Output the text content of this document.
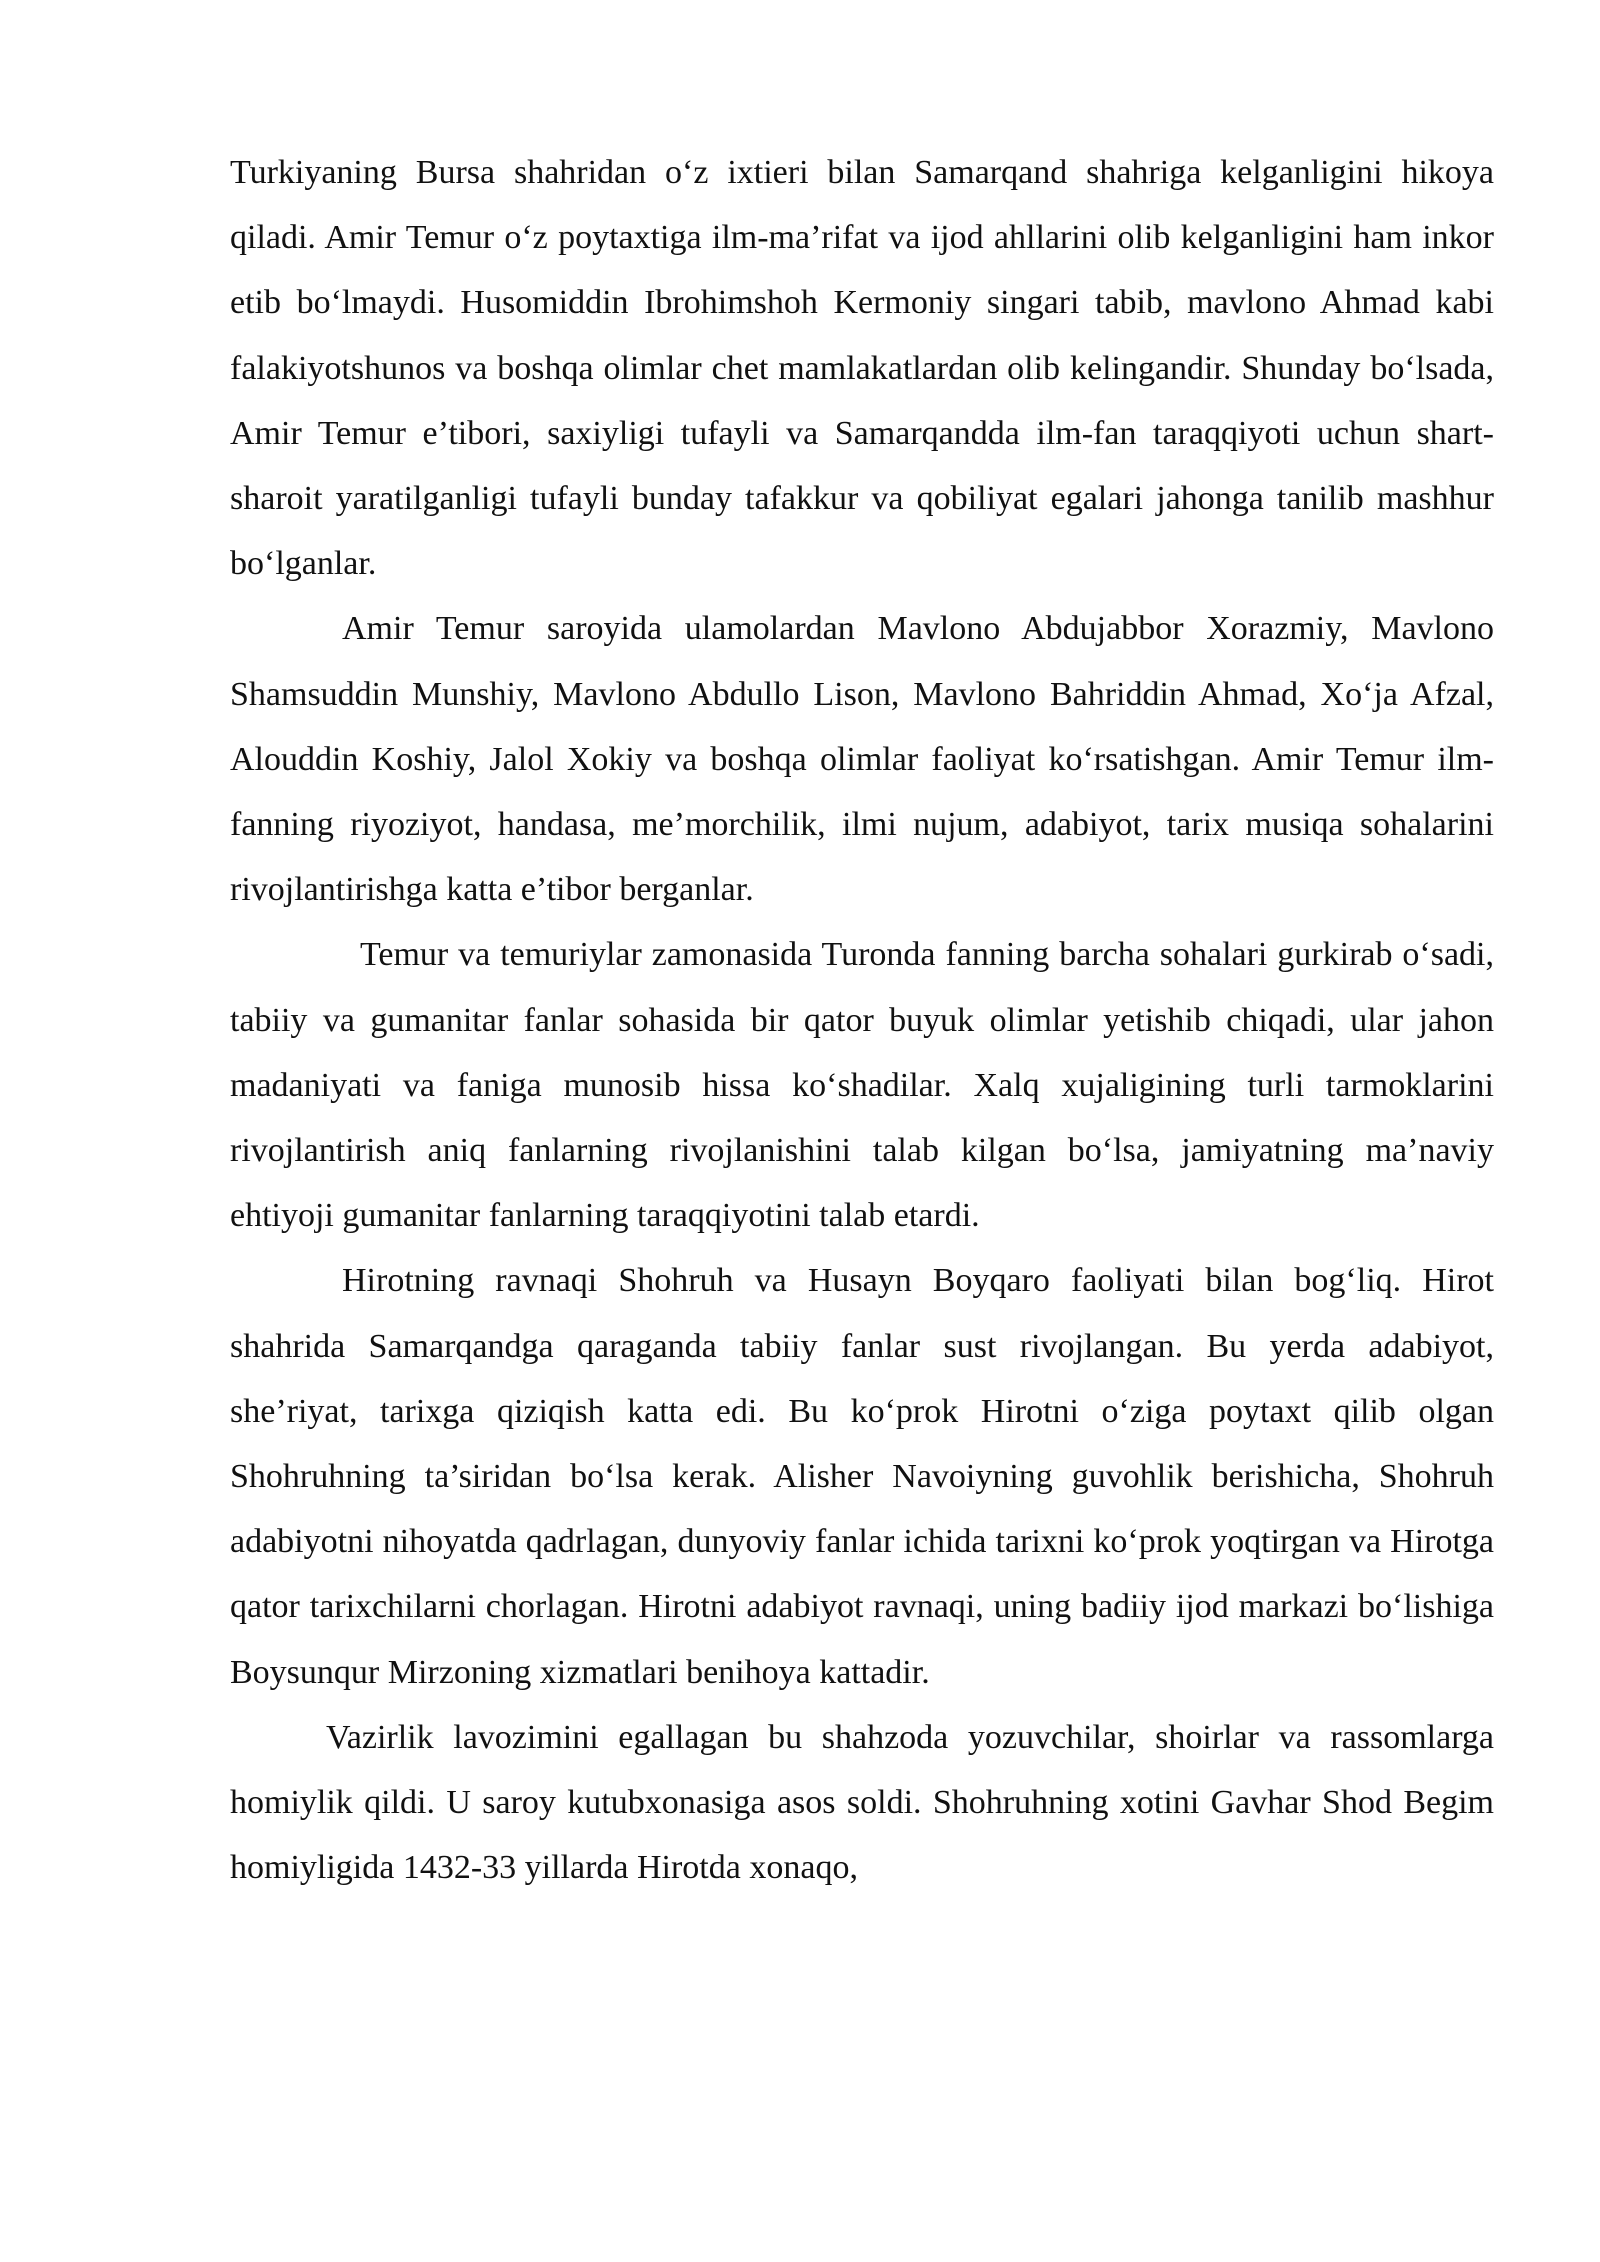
Turkiyaning Bursa shahridan o‘z ixtieri bilan Samarqand shahriga kelganligini hikoya qiladi. Amir Temur o‘z poytaxtiga ilm-ma’rifat va ijod ahllarini olib kelganligini ham inkor etib bo‘lmaydi. Husomiddin Ibrohimshoh Kermoniy singari tabib, mavlono Ahmad kabi falakiyotshunos va boshqa olimlar chet mamlakatlardan olib kelingandir. Shunday bo‘lsada, Amir Temur e’tibori, saxiyligi tufayli va Samarqandda ilm-fan taraqqiyoti uchun shart-sharoit yaratilganligi tufayli bunday tafakkur va qobiliyat egalari jahonga tanilib mashhur bo‘lganlar.

Amir Temur saroyida ulamolardan Mavlono Abdujabbor Xorazmiy, Mavlono Shamsuddin Munshiy, Mavlono Abdullo Lison, Mavlono Bahriddin Ahmad, Xo‘ja Afzal, Alouddin Koshiy, Jalol Xokiy va boshqa olimlar faoliyat ko‘rsatishgan. Amir Temur ilm-fanning riyoziyot, handasa, me’morchilik, ilmi nujum, adabiyot, tarix musiqa sohalarini rivojlantirishga katta e’tibor berganlar.

Temur va temuriylar zamonasida Turonda fanning barcha sohalari gurkirab o‘sadi, tabiiy va gumanitar fanlar sohasida bir qator buyuk olimlar yetishib chiqadi, ular jahon madaniyati va faniga munosib hissa ko‘shadilar. Xalq xujaligining turli tarmoklarini rivojlantirish aniq fanlarning rivojlanishini talab kilgan bo‘lsa, jamiyatning ma’naviy ehtiyoji gumanitar fanlarning taraqqiyotini talab etardi.

Hirotning ravnaqi Shohruh va Husayn Boyqaro faoliyati bilan bog‘liq. Hirot shahrida Samarqandga qaraganda tabiiy fanlar sust rivojlangan. Bu yerda adabiyot, she’riyat, tarixga qiziqish katta edi. Bu ko‘prok Hirotni o‘ziga poytaxt qilib olgan Shohruhning ta’siridan bo‘lsa kerak. Alisher Navoiyning guvohlik berishicha, Shohruh adabiyotni nihoyatda qadrlagan, dunyoviy fanlar ichida tarixni ko‘prok yoqtirgan va Hirotga qator tarixchilarni chorlagan. Hirotni adabiyot ravnaqi, uning badiiy ijod markazi bo‘lishiga Boysunqur Mirzoning xizmatlari benihoya kattadir.

Vazirlik lavozimini egallagan bu shahzoda yozuvchilar, shoirlar va rassomlarga homiylik qildi. U saroy kutubxonasiga asos soldi. Shohruhning xotini Gavhar Shod Begim homiyligida 1432-33 yillarda Hirotda xonaqo,
